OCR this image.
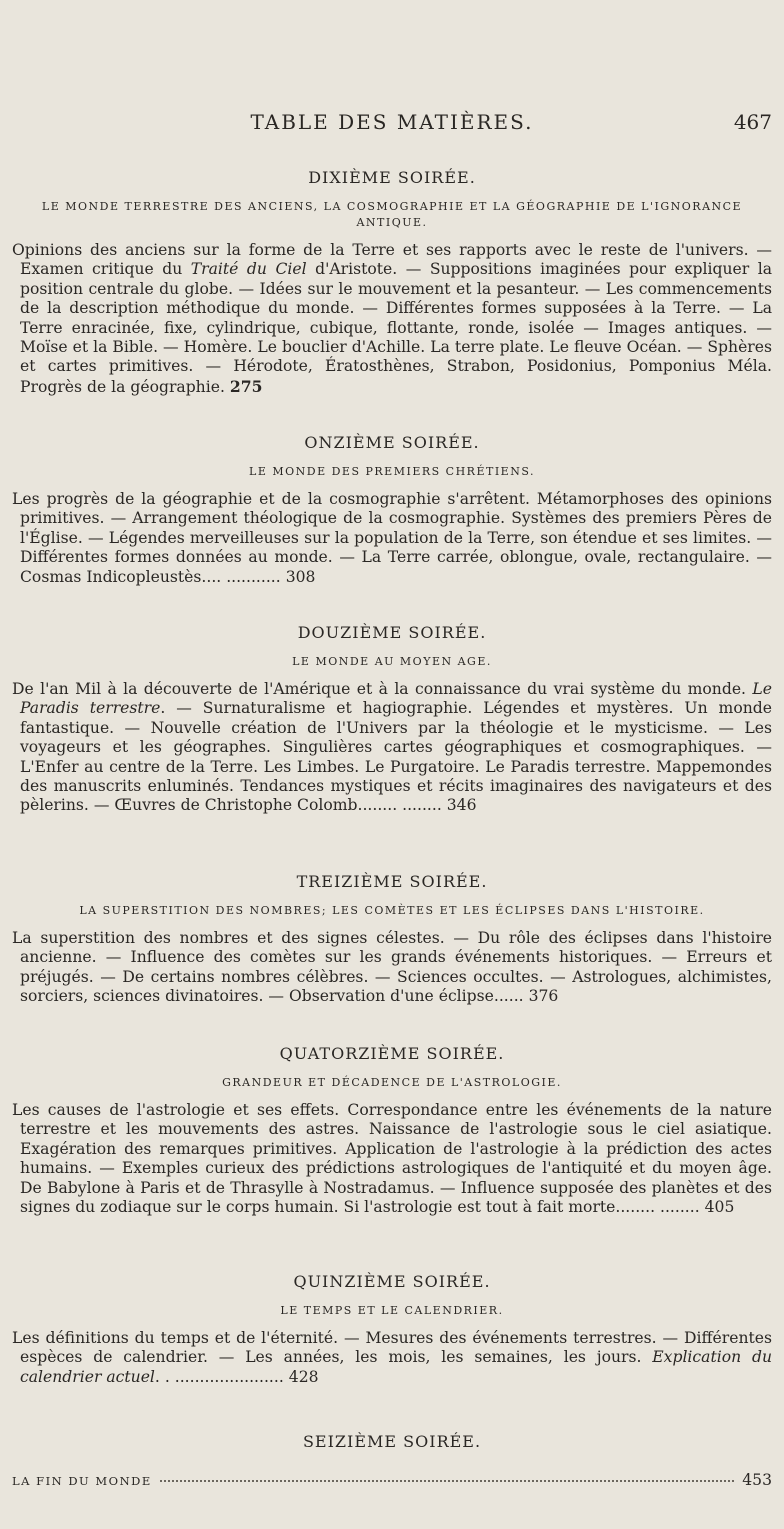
TABLE DES MATIÈRES.	467

DIXIÈME SOIRÉE.

LE MONDE TERRESTRE DES ANCIENS, LA COSMOGRAPHIE ET LA GÉOGRAPHIE DE L'IGNORANCE ANTIQUE.

Opinions des anciens sur la forme de la Terre et ses rapports avec le reste de l'univers. — Examen critique du Traité du Ciel d'Aristote. — Suppositions imaginées pour expliquer la position centrale du globe. — Idées sur le mouvement et la pesanteur. — Les commencements de la description méthodique du monde. — Différentes formes supposées à la Terre. — La Terre enracinée, fixe, cylindrique, cubique, flottante, ronde, isolée — Images antiques. — Moïse et la Bible. — Homère. Le bouclier d'Achille. La terre plate. Le fleuve Océan. — Sphères et cartes primitives. — Hérodote, Ératosthènes, Strabon, Posidonius, Pomponius Méla. Progrès de la géographie. 275

ONZIÈME SOIRÉE.

LE MONDE DES PREMIERS CHRÉTIENS.

Les progrès de la géographie et de la cosmographie s'arrêtent. Métamorphoses des opinions primitives. — Arrangement théologique de la cosmographie. Systèmes des premiers Pères de l'Église. — Légendes merveilleuses sur la population de la Terre, son étendue et ses limites. — Différentes formes données au monde. — La Terre carrée, oblongue, ovale, rectangulaire. — Cosmas Indicopleustès.... ........... 308

DOUZIÈME SOIRÉE.

LE MONDE AU MOYEN AGE.

De l'an Mil à la découverte de l'Amérique et à la connaissance du vrai système du monde. Le Paradis terrestre. — Surnaturalisme et hagiographie. Légendes et mystères. Un monde fantastique. — Nouvelle création de l'Univers par la théologie et le mysticisme. — Les voyageurs et les géographes. Singulières cartes géographiques et cosmographiques. — L'Enfer au centre de la Terre. Les Limbes. Le Purgatoire. Le Paradis terrestre. Mappemondes des manuscrits enluminés. Tendances mystiques et récits imaginaires des navigateurs et des pèlerins. — Œuvres de Christophe Colomb........ ........ 346

TREIZIÈME SOIRÉE.

LA SUPERSTITION DES NOMBRES; LES COMÈTES ET LES ÉCLIPSES DANS L'HISTOIRE.

La superstition des nombres et des signes célestes. — Du rôle des éclipses dans l'histoire ancienne. — Influence des comètes sur les grands événements historiques. — Erreurs et préjugés. — De certains nombres célèbres. — Sciences occultes. — Astrologues, alchimistes, sorciers, sciences divinatoires. — Observation d'une éclipse...... 376

QUATORZIÈME SOIRÉE.

GRANDEUR ET DÉCADENCE DE L'ASTROLOGIE.

Les causes de l'astrologie et ses effets. Correspondance entre les événements de la nature terrestre et les mouvements des astres. Naissance de l'astrologie sous le ciel asiatique. Exagération des remarques primitives. Application de l'astrologie à la prédiction des actes humains. — Exemples curieux des prédictions astrologiques de l'antiquité et du moyen âge. De Babylone à Paris et de Thrasylle à Nostradamus. — Influence supposée des planètes et des signes du zodiaque sur le corps humain. Si l'astrologie est tout à fait morte........ ........ 405

QUINZIÈME SOIRÉE.

LE TEMPS ET LE CALENDRIER.

Les définitions du temps et de l'éternité. — Mesures des événements terrestres. — Différentes espèces de calendrier. — Les années, les mois, les semaines, les jours. Explication du calendrier actuel. . ...................... 428

SEIZIÈME SOIRÉE.

LA FIN DU MONDE	453
